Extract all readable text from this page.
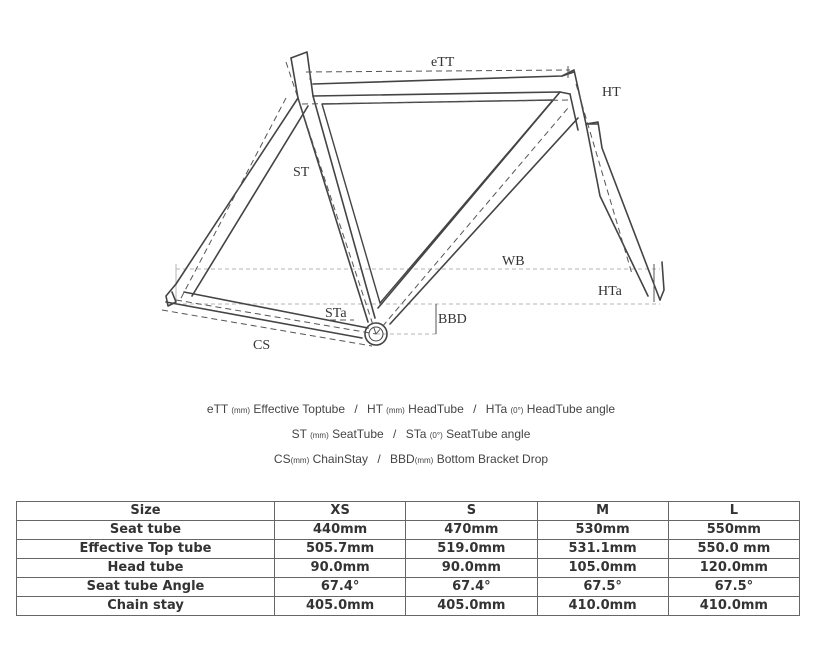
eTT
HT
ST
WB
HTa
BBD
STa
CS
eTT (mm) Effective Toptube / HT (mm) HeadTube / HTa (0°) HeadTube angle
ST (mm) SeatTube / STa (0°) SeatTube angle
CS(mm) ChainStay / BBD(mm) Bottom Bracket Drop
Size	XS	S	M	L
Seat tube	440mm	470mm	530mm	550mm
Effective Top tube	505.7mm	519.0mm	531.1mm	550.0 mm
Head tube	90.0mm	90.0mm	105.0mm	120.0mm
Seat tube Angle	67.4°	67.4°	67.5°	67.5°
Chain stay	405.0mm	405.0mm	410.0mm	410.0mm
